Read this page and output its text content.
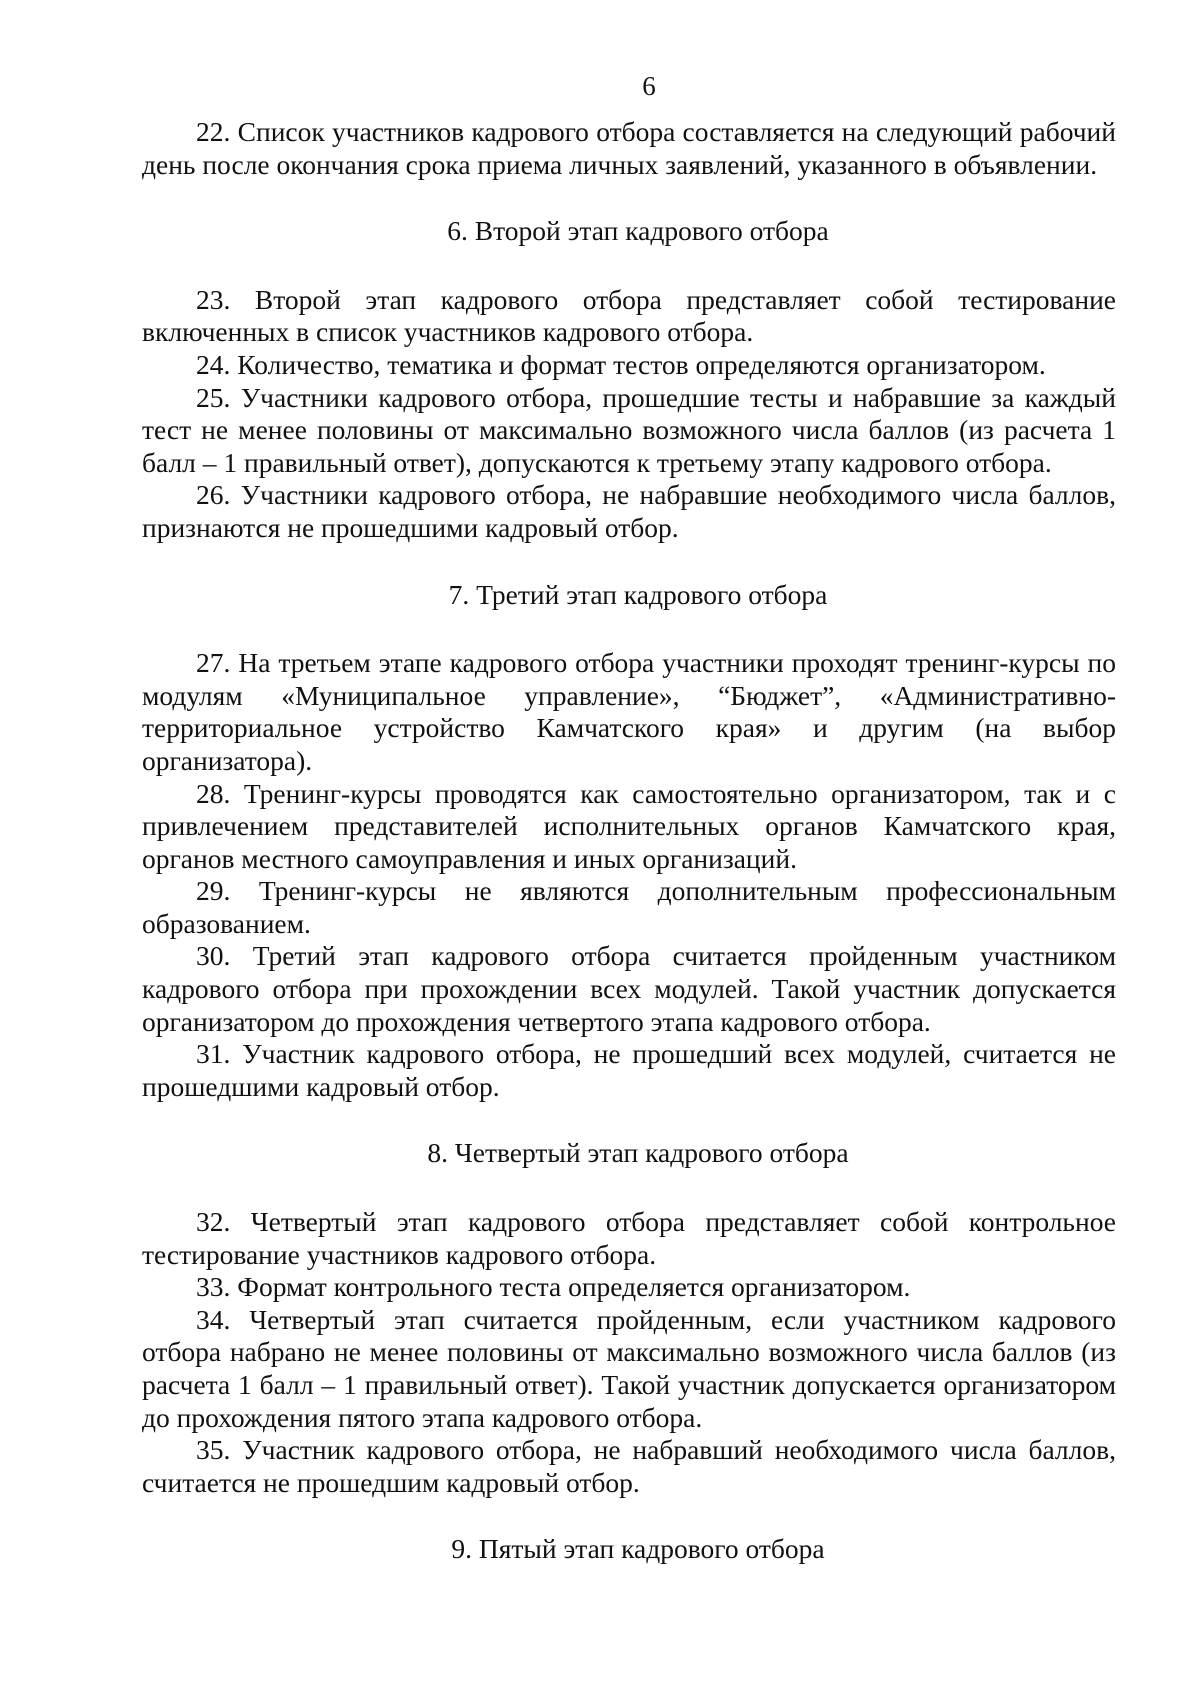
6

22. Список участников кадрового отбора составляется на следующий рабочий день после окончания срока приема личных заявлений, указанного в объявлении.

6. Второй этап кадрового отбора

23. Второй этап кадрового отбора представляет собой тестирование включенных в список участников кадрового отбора.

24. Количество, тематика и формат тестов определяются организатором.

25. Участники кадрового отбора, прошедшие тесты и набравшие за каждый тест не менее половины от максимально возможного числа баллов (из расчета 1 балл – 1 правильный ответ), допускаются к третьему этапу кадрового отбора.

26. Участники кадрового отбора, не набравшие необходимого числа баллов, признаются не прошедшими кадровый отбор.

7. Третий этап кадрового отбора

27. На третьем этапе кадрового отбора участники проходят тренинг-курсы по модулям «Муниципальное управление», “Бюджет”, «Административно-территориальное устройство Камчатского края» и другим (на выбор организатора).

28. Тренинг-курсы проводятся как самостоятельно организатором, так и с привлечением представителей исполнительных органов Камчатского края, органов местного самоуправления и иных организаций.

29. Тренинг-курсы не являются дополнительным профессиональным образованием.

30. Третий этап кадрового отбора считается пройденным участником кадрового отбора при прохождении всех модулей. Такой участник допускается организатором до прохождения четвертого этапа кадрового отбора.

31. Участник кадрового отбора, не прошедший всех модулей, считается не прошедшими кадровый отбор.

8. Четвертый этап кадрового отбора

32. Четвертый этап кадрового отбора представляет собой контрольное тестирование участников кадрового отбора.

33. Формат контрольного теста определяется организатором.

34. Четвертый этап считается пройденным, если участником кадрового отбора набрано не менее половины от максимально возможного числа баллов (из расчета 1 балл – 1 правильный ответ). Такой участник допускается организатором до прохождения пятого этапа кадрового отбора.

35. Участник кадрового отбора, не набравший необходимого числа баллов, считается не прошедшим кадровый отбор.

9. Пятый этап кадрового отбора
